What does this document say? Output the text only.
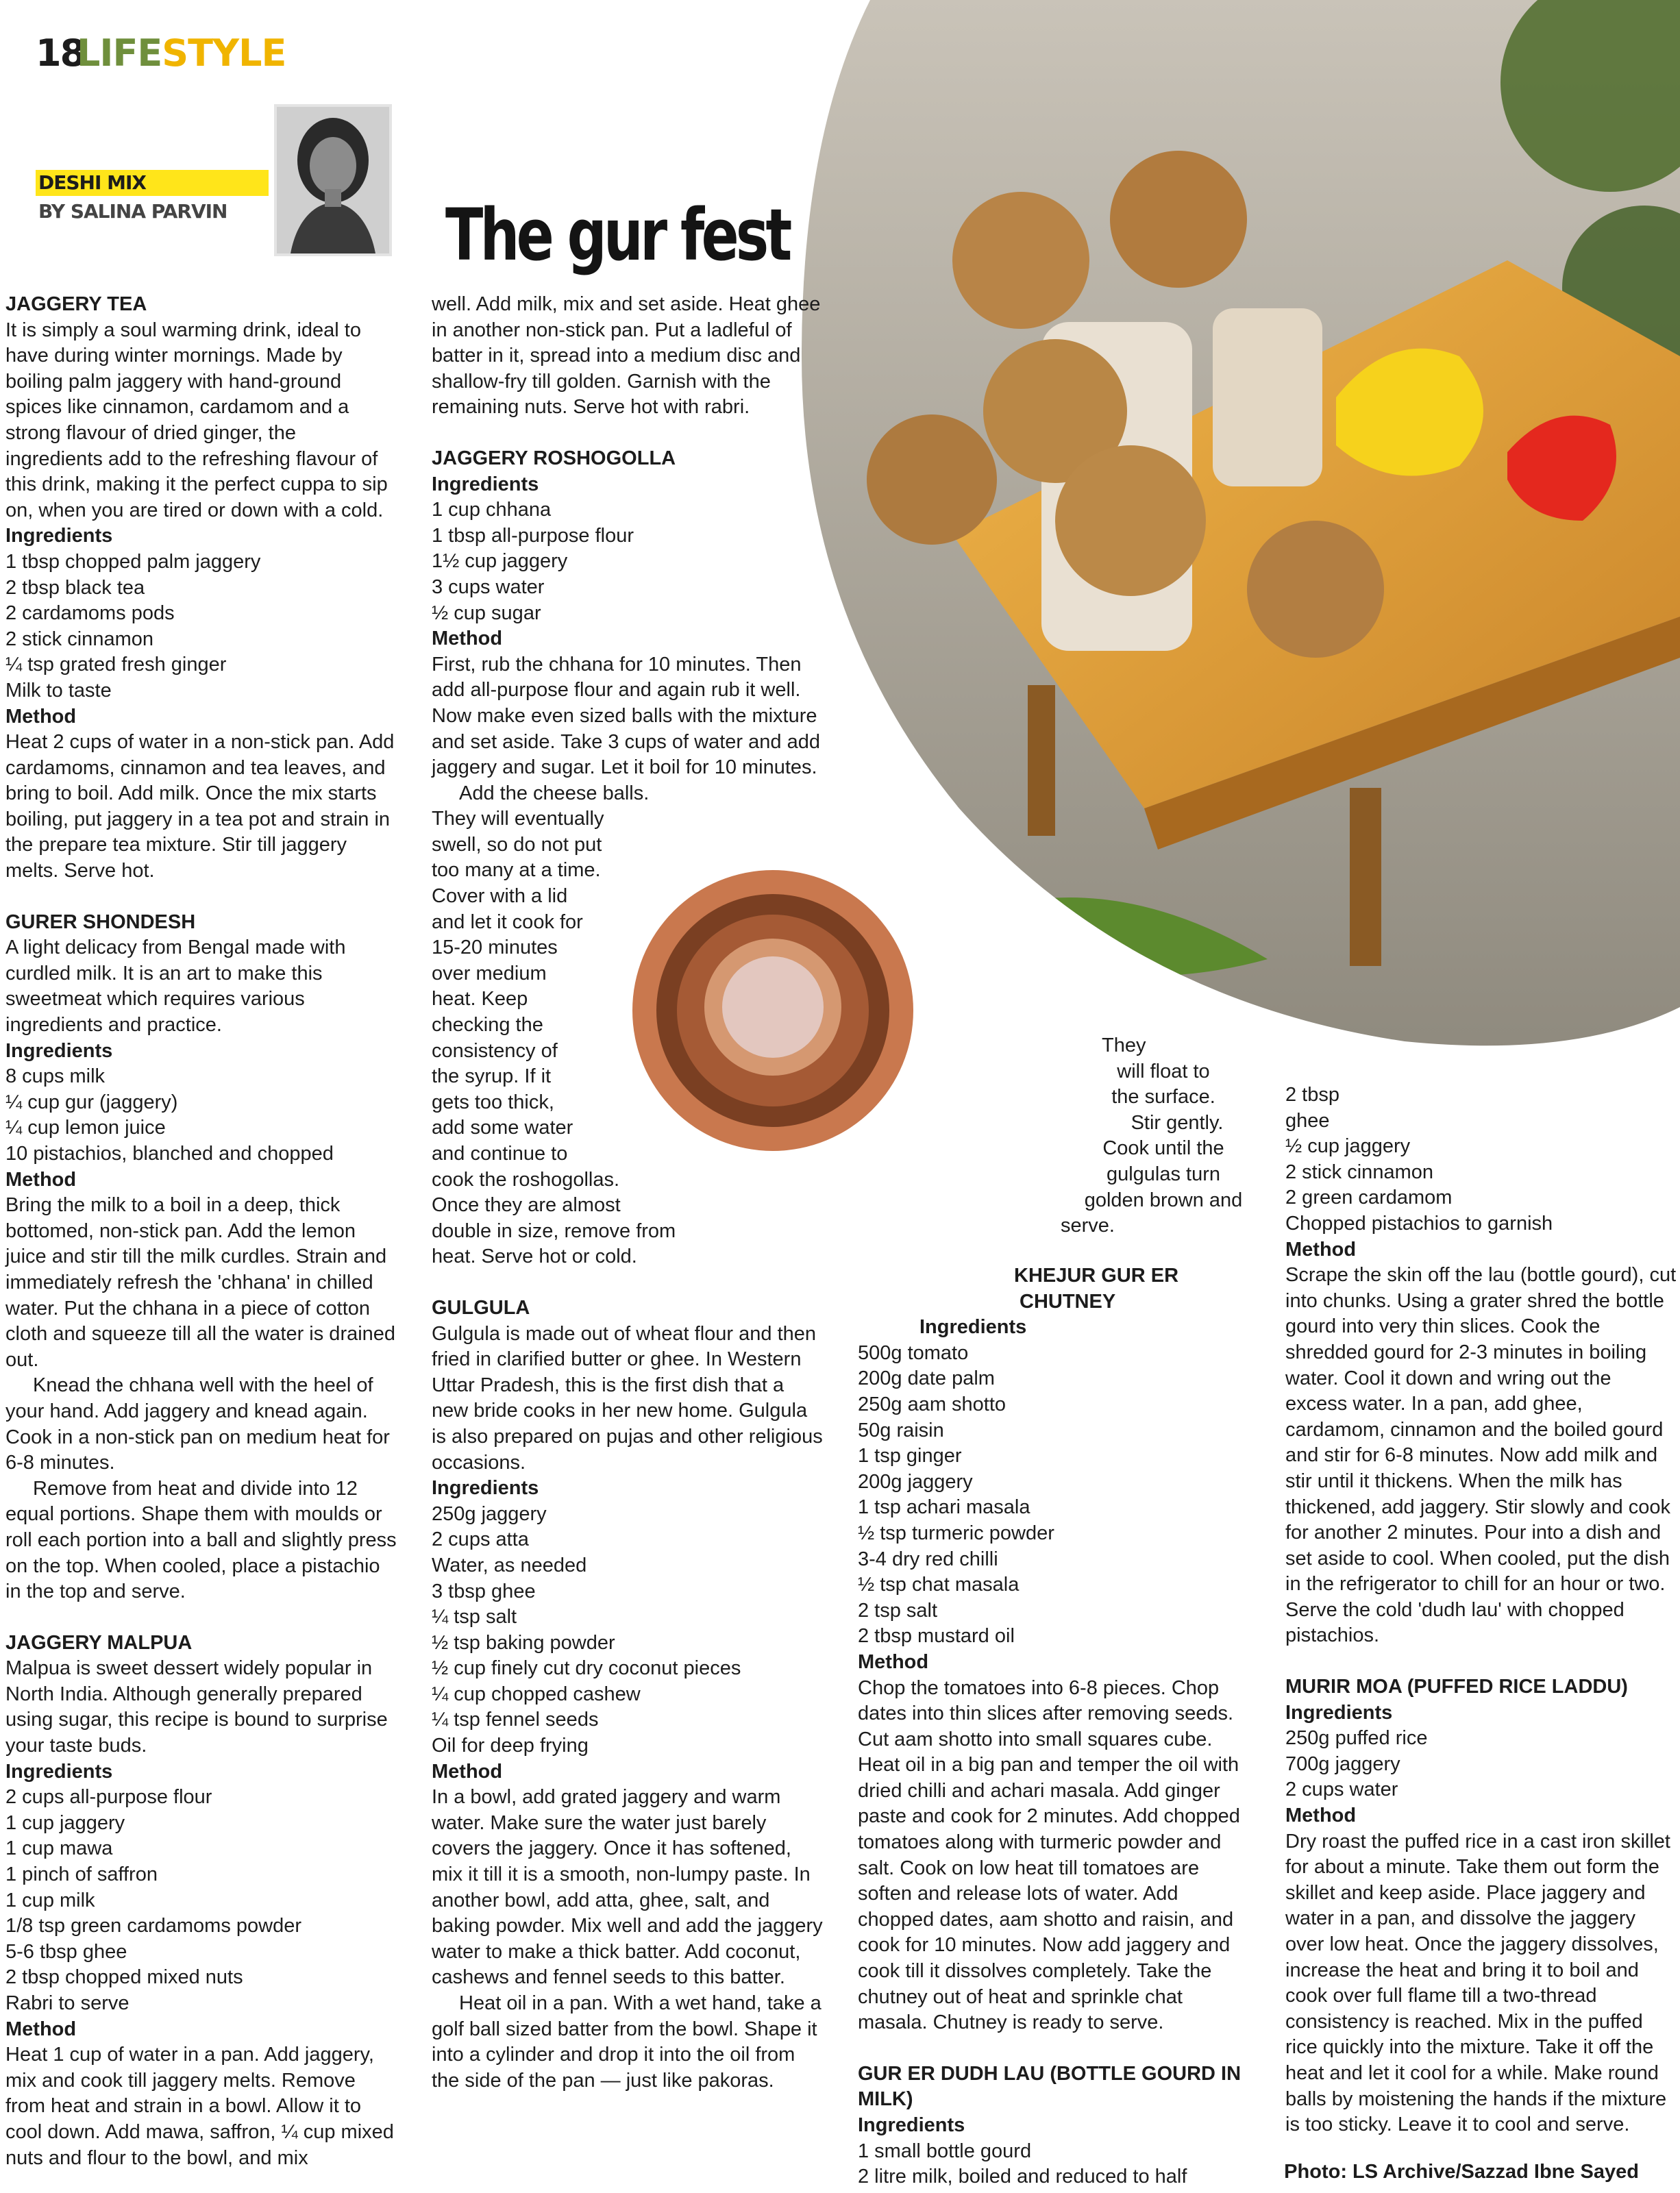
18
LIFESTYLE
DESHI MIX
BY SALINA PARVIN	The gur fest

JAGGERY TEA

It is simply a soul warming drink, ideal to have during winter mornings. Made by boiling palm jaggery with hand-ground spices like cinnamon, cardamom and a strong flavour of dried ginger, the ingredients add to the refreshing flavour of this drink, making it the perfect cuppa to sip on, when you are tired or down with a cold.

Ingredients

1 tbsp chopped palm jaggery

2 tbsp black tea

2 cardamoms pods

2 stick cinnamon

¼ tsp grated fresh ginger

Milk to taste

Method

Heat 2 cups of water in a non-stick pan. Add cardamoms, cinnamon and tea leaves, and bring to boil. Add milk. Once the mix starts boiling, put jaggery in a tea pot and strain in the prepare tea mixture. Stir till jaggery melts. Serve hot.

GURER SHONDESH

A light delicacy from Bengal made with curdled milk. It is an art to make this sweetmeat which requires various ingredients and practice.

Ingredients

8 cups milk

¼ cup gur (jaggery)

¼ cup lemon juice

10 pistachios, blanched and chopped

Method

Bring the milk to a boil in a deep, thick bottomed, non-stick pan. Add the lemon juice and stir till the milk curdles. Strain and immediately refresh the 'chhana' in chilled water. Put the chhana in a piece of cotton cloth and squeeze till all the water is drained out.

Knead the chhana well with the heel of your hand. Add jaggery and knead again. Cook in a non-stick pan on medium heat for 6-8 minutes.

Remove from heat and divide into 12 equal portions. Shape them with moulds or roll each portion into a ball and slightly press on the top. When cooled, place a pistachio in the top and serve.

JAGGERY MALPUA

Malpua is sweet dessert widely popular in North India. Although generally prepared using sugar, this recipe is bound to surprise your taste buds.

Ingredients

2 cups all-purpose flour

1 cup jaggery

1 cup mawa

1 pinch of saffron

1 cup milk

1/8 tsp green cardamoms powder

5-6 tbsp ghee

2 tbsp chopped mixed nuts

Rabri to serve

Method

Heat 1 cup of water in a pan. Add jaggery, mix and cook till jaggery melts. Remove from heat and strain in a bowl. Allow it to cool down. Add mawa, saffron, ¼ cup mixed nuts and flour to the bowl, and mix

well. Add milk, mix and set aside. Heat ghee in another non-stick pan. Put a ladleful of batter in it, spread into a medium disc and shallow-fry till golden. Garnish with the remaining nuts. Serve hot with rabri.

JAGGERY ROSHOGOLLA

Ingredients

1 cup chhana

1 tbsp all-purpose flour

1½ cup jaggery

3 cups water

½ cup sugar

Method

First, rub the chhana for 10 minutes. Then add all-purpose flour and again rub it well. Now make even sized balls with the mixture and set aside. Take 3 cups of water and add jaggery and sugar. Let it boil for 10 minutes.

Add the cheese balls.

They will eventually

swell, so do not put

too many at a time.

Cover with a lid

and let it cook for

15-20 minutes

over medium

heat. Keep

checking the

consistency of

the syrup. If it

gets too thick,

add some water

and continue to

cook the roshogollas.

Once they are almost

double in size, remove from

heat. Serve hot or cold.

GULGULA

Gulgula is made out of wheat flour and then fried in clarified butter or ghee. In Western Uttar Pradesh, this is the first dish that a new bride cooks in her new home. Gulgula is also prepared on pujas and other religious occasions.

Ingredients

250g jaggery

2 cups atta

Water, as needed

3 tbsp ghee

¼ tsp salt

½ tsp baking powder

½ cup finely cut dry coconut pieces

¼ cup chopped cashew

¼ tsp fennel seeds

Oil for deep frying

Method

In a bowl, add grated jaggery and warm water. Make sure the water just barely covers the jaggery. Once it has softened, mix it till it is a smooth, non-lumpy paste. In another bowl, add atta, ghee, salt, and baking powder. Mix well and add the jaggery water to make a thick batter. Add coconut, cashews and fennel seeds to this batter.

Heat oil in a pan. With a wet hand, take a golf ball sized batter from the bowl. Shape it into a cylinder and drop it into the oil from the side of the pan — just like pakoras.

They

will float to

the surface.

Stir gently.

Cook until the

gulgulas turn

golden brown and

serve.

KHEJUR GUR ER

CHUTNEY

Ingredients

500g tomato

200g date palm

250g aam shotto

50g raisin

1 tsp ginger

200g jaggery

1 tsp achari masala

½ tsp turmeric powder

3-4 dry red chilli

½ tsp chat masala

2 tsp salt

2 tbsp mustard oil

Method

Chop the tomatoes into 6-8 pieces. Chop dates into thin slices after removing seeds. Cut aam shotto into small squares cube. Heat oil in a big pan and temper the oil with dried chilli and achari masala. Add ginger paste and cook for 2 minutes. Add chopped tomatoes along with turmeric powder and salt. Cook on low heat till tomatoes are soften and release lots of water. Add chopped dates, aam shotto and raisin, and cook for 10 minutes. Now add jaggery and cook till it dissolves completely. Take the chutney out of heat and sprinkle chat masala. Chutney is ready to serve.

GUR ER DUDH LAU (BOTTLE GOURD IN MILK)

Ingredients

1 small bottle gourd

2 litre milk, boiled and reduced to half

2 tbsp

ghee

½ cup jaggery

2 stick cinnamon

2 green cardamom

Chopped pistachios to garnish

Method

Scrape the skin off the lau (bottle gourd), cut into chunks. Using a grater shred the bottle gourd into very thin slices. Cook the shredded gourd for 2-3 minutes in boiling water. Cool it down and wring out the excess water. In a pan, add ghee, cardamom, cinnamon and the boiled gourd and stir for 6-8 minutes. Now add milk and stir until it thickens. When the milk has thickened, add jaggery. Stir slowly and cook for another 2 minutes. Pour into a dish and set aside to cool. When cooled, put the dish in the refrigerator to chill for an hour or two. Serve the cold 'dudh lau' with chopped pistachios.

MURIR MOA (PUFFED RICE LADDU)

Ingredients

250g puffed rice

700g jaggery

2 cups water

Method

Dry roast the puffed rice in a cast iron skillet for about a minute. Take them out form the skillet and keep aside. Place jaggery and water in a pan, and dissolve the jaggery over low heat. Once the jaggery dissolves, increase the heat and bring it to boil and cook over full flame till a two-thread consistency is reached. Mix in the puffed rice quickly into the mixture. Take it off the heat and let it cool for a while. Make round balls by moistening the hands if the mixture is too sticky. Leave it to cool and serve.

Photo: LS Archive/Sazzad Ibne Sayed
